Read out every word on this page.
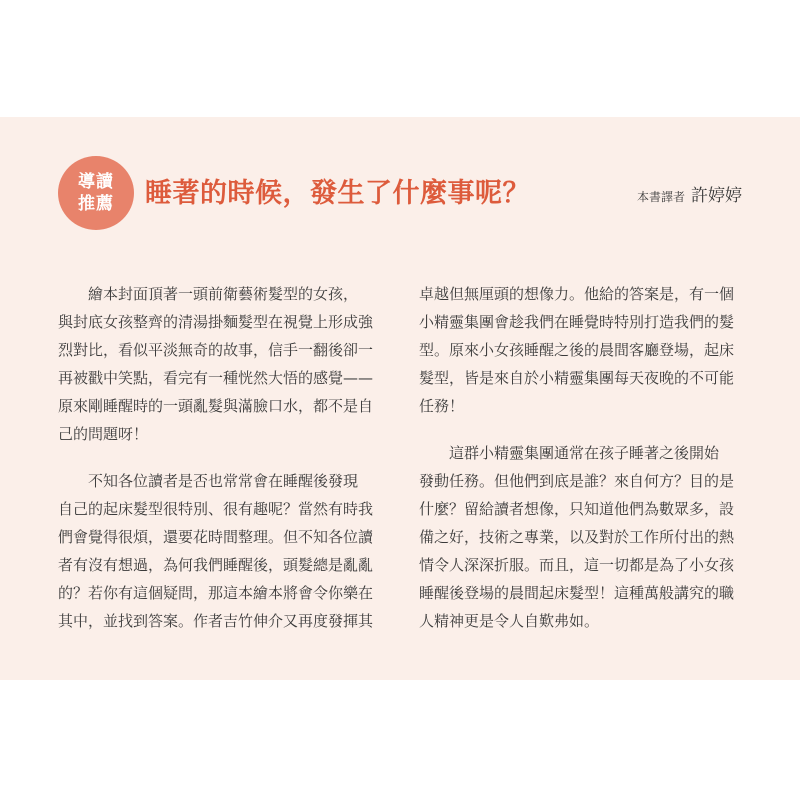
導讀
推薦 睡著的時候，發生了什麼事呢？	本書譯者 許婷婷
繪本封面頂著一頭前衛藝術髮型的女孩，
與封底女孩整齊的清湯掛麵髮型在視覺上形成強
烈對比，看似平淡無奇的故事，信手一翻後卻一
再被戳中笑點，看完有一種恍然大悟的感覺——
原來剛睡醒時的一頭亂髮與滿臉口水，都不是自
己的問題呀！
不知各位讀者是否也常常會在睡醒後發現
自己的起床髮型很特別、很有趣呢？當然有時我
們會覺得很煩，還要花時間整理。但不知各位讀
者有沒有想過，為何我們睡醒後，頭髮總是亂亂
的？若你有這個疑問，那這本繪本將會令你樂在
其中，並找到答案。作者吉竹伸介又再度發揮其
卓越但無厘頭的想像力。他給的答案是，有一個
小精靈集團會趁我們在睡覺時特別打造我們的髮
型。原來小女孩睡醒之後的晨間客廳登場，起床
髮型，皆是來自於小精靈集團每天夜晚的不可能
任務！
這群小精靈集團通常在孩子睡著之後開始
發動任務。但他們到底是誰？來自何方？目的是
什麼？留給讀者想像，只知道他們為數眾多，設
備之好，技術之專業，以及對於工作所付出的熱
情令人深深折服。而且，這一切都是為了小女孩
睡醒後登場的晨間起床髮型！這種萬般講究的職
人精神更是令人自歎弗如。
